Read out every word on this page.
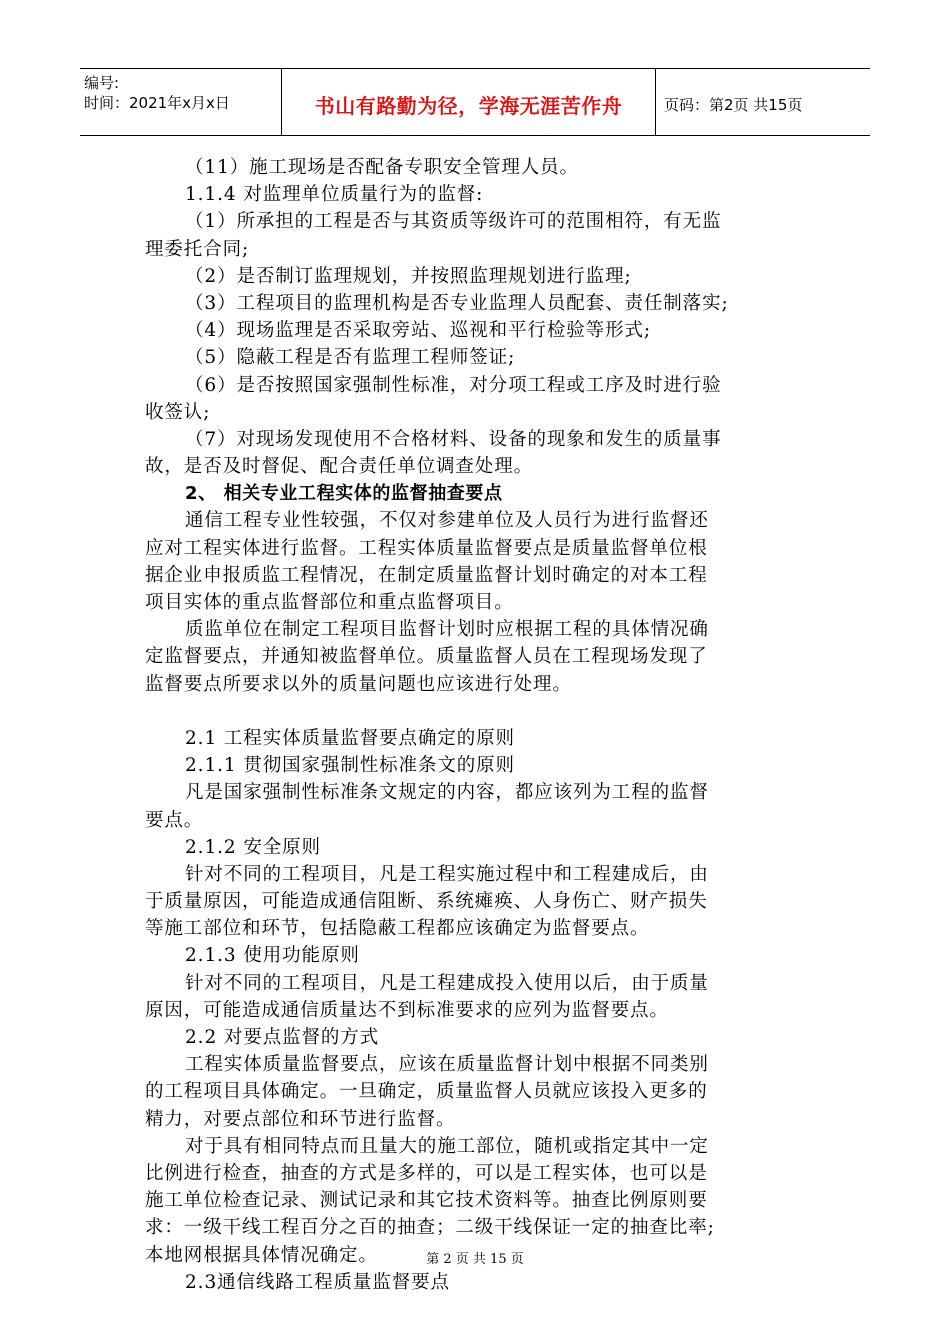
编号:
时间：2021年x月x日	书山有路勤为径，学海无涯苦作舟	页码：第2页 共15页
（11）施工现场是否配备专职安全管理人员。
1.1.4 对监理单位质量行为的监督:
（1）所承担的工程是否与其资质等级许可的范围相符，有无监
理委托合同;
（2）是否制订监理规划，并按照监理规划进行监理;
（3）工程项目的监理机构是否专业监理人员配套、责任制落实;
（4）现场监理是否采取旁站、巡视和平行检验等形式;
（5）隐蔽工程是否有监理工程师签证;
（6）是否按照国家强制性标准，对分项工程或工序及时进行验
收签认;
（7）对现场发现使用不合格材料、设备的现象和发生的质量事
故，是否及时督促、配合责任单位调查处理。
2、 相关专业工程实体的监督抽查要点
通信工程专业性较强，不仅对参建单位及人员行为进行监督还
应对工程实体进行监督。工程实体质量监督要点是质量监督单位根
据企业申报质监工程情况，在制定质量监督计划时确定的对本工程
项目实体的重点监督部位和重点监督项目。
质监单位在制定工程项目监督计划时应根据工程的具体情况确
定监督要点，并通知被监督单位。质量监督人员在工程现场发现了
监督要点所要求以外的质量问题也应该进行处理。
2.1 工程实体质量监督要点确定的原则
2.1.1 贯彻国家强制性标准条文的原则
凡是国家强制性标准条文规定的内容，都应该列为工程的监督
要点。
2.1.2 安全原则
针对不同的工程项目，凡是工程实施过程中和工程建成后，由
于质量原因，可能造成通信阻断、系统瘫痪、人身伤亡、财产损失
等施工部位和环节，包括隐蔽工程都应该确定为监督要点。
2.1.3 使用功能原则
针对不同的工程项目，凡是工程建成投入使用以后，由于质量
原因，可能造成通信质量达不到标准要求的应列为监督要点。
2.2 对要点监督的方式
工程实体质量监督要点，应该在质量监督计划中根据不同类别
的工程项目具体确定。一旦确定，质量监督人员就应该投入更多的
精力，对要点部位和环节进行监督。
对于具有相同特点而且量大的施工部位，随机或指定其中一定
比例进行检查，抽查的方式是多样的，可以是工程实体，也可以是
施工单位检查记录、测试记录和其它技术资料等。抽查比例原则要
求：一级干线工程百分之百的抽查；二级干线保证一定的抽查比率;
本地网根据具体情况确定。
2.3通信线路工程质量监督要点
第 2 页 共 15 页
